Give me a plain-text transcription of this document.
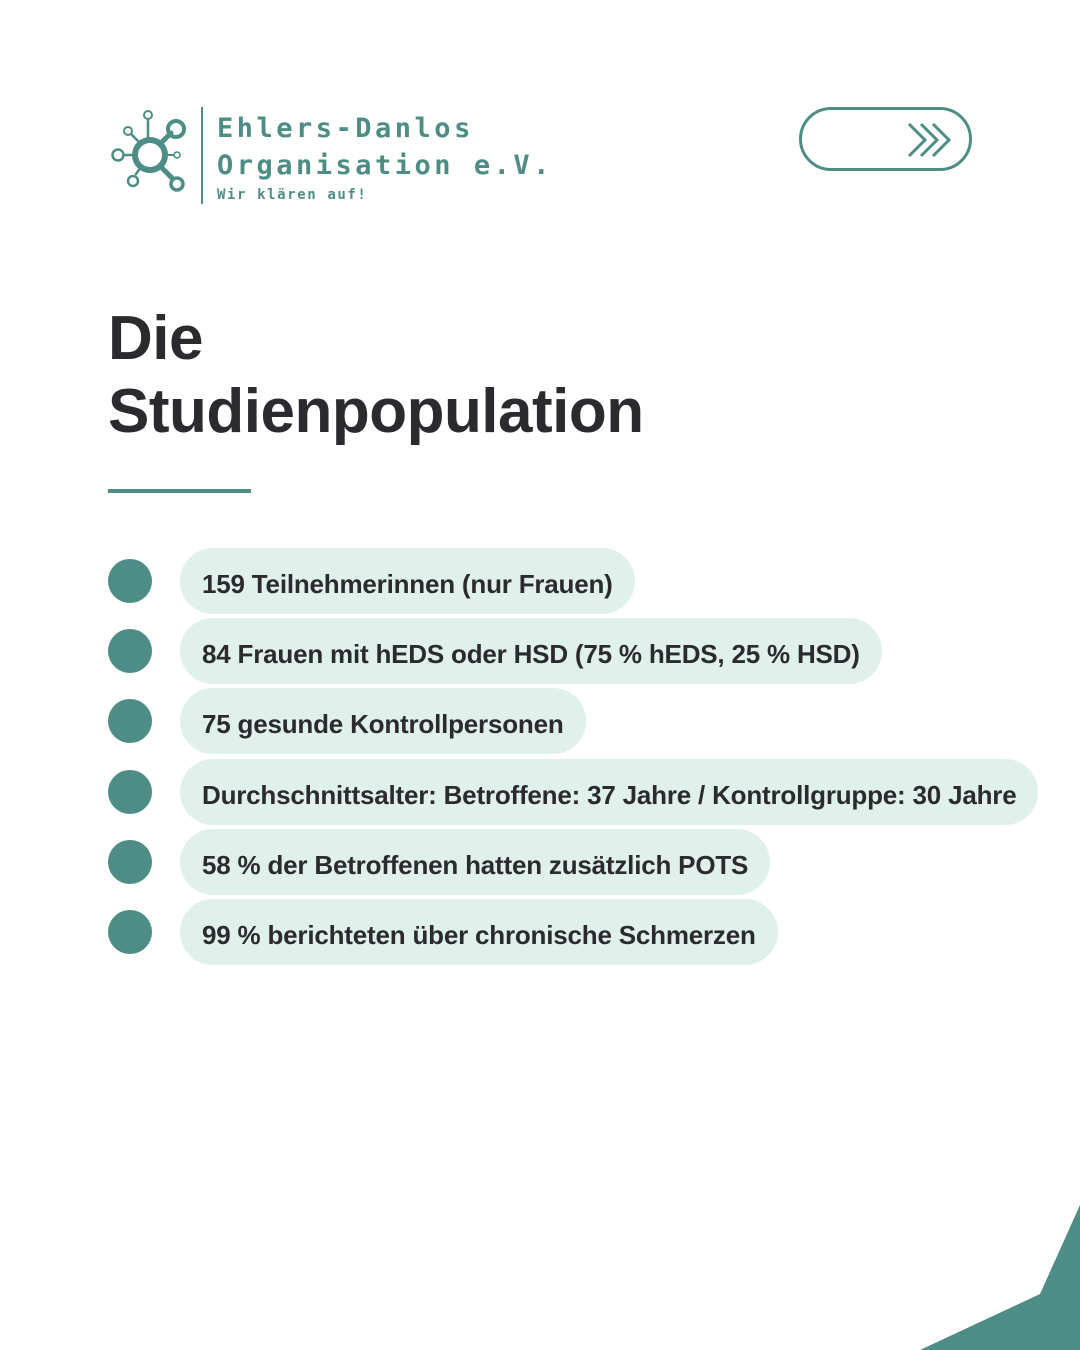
Ehlers-Danlos
Organisation e.V.
Wir klären auf!
Die
Studienpopulation
159 Teilnehmerinnen (nur Frauen)
84 Frauen mit hEDS oder HSD (75 % hEDS, 25 % HSD)
75 gesunde Kontrollpersonen
Durchschnittsalter: Betroffene: 37 Jahre / Kontrollgruppe: 30 Jahre
58 % der Betroffenen hatten zusätzlich POTS
99 % berichteten über chronische Schmerzen
